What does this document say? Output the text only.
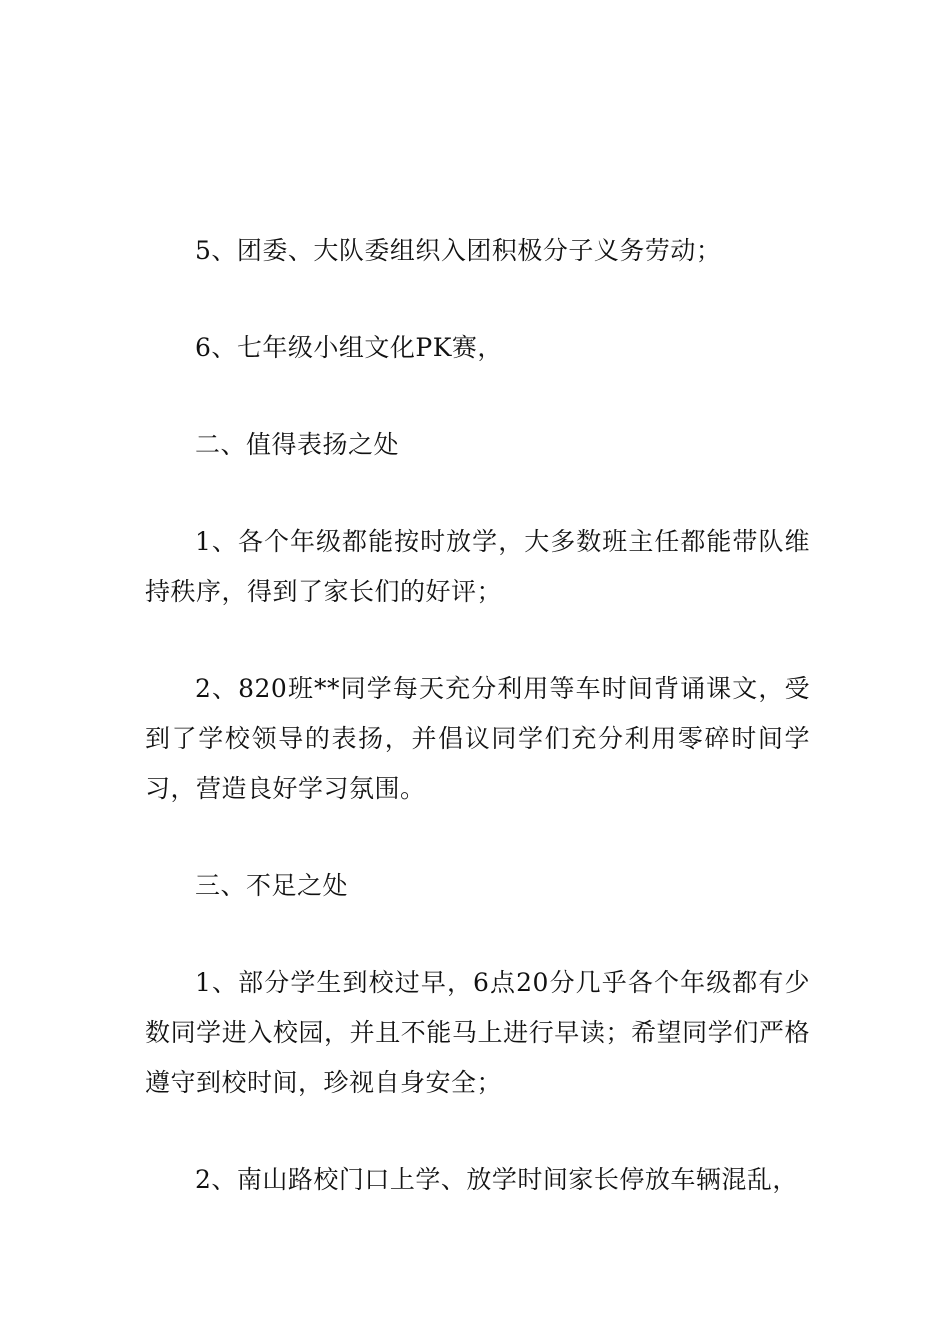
5、团委、大队委组织入团积极分子义务劳动；

6、七年级小组文化PK赛，

二、值得表扬之处

1、各个年级都能按时放学，大多数班主任都能带队维持秩序，得到了家长们的好评；

2、820班**同学每天充分利用等车时间背诵课文，受到了学校领导的表扬，并倡议同学们充分利用零碎时间学习，营造良好学习氛围。

三、不足之处

1、部分学生到校过早，6点20分几乎各个年级都有少数同学进入校园，并且不能马上进行早读；希望同学们严格遵守到校时间，珍视自身安全；

2、南山路校门口上学、放学时间家长停放车辆混乱，
